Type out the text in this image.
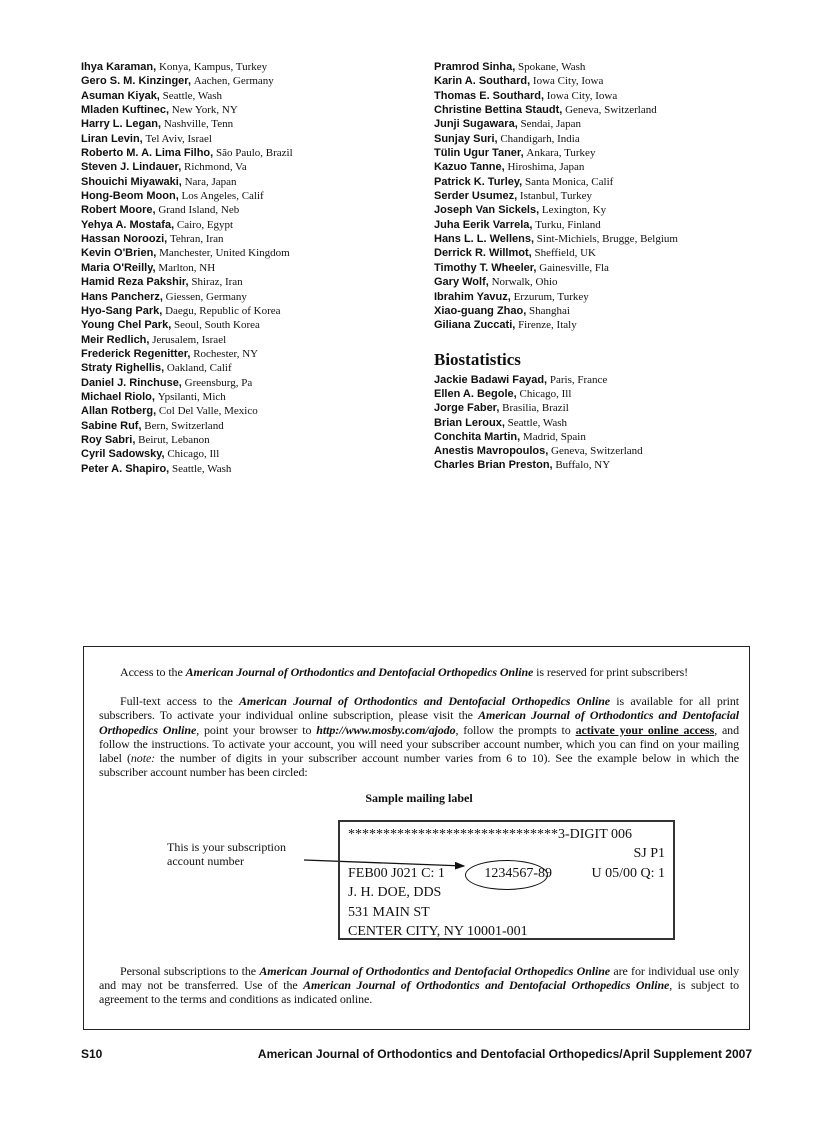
Ihya Karaman, Konya, Kampus, Turkey
Gero S. M. Kinzinger, Aachen, Germany
Asuman Kiyak, Seattle, Wash
Mladen Kuftinec, New York, NY
Harry L. Legan, Nashville, Tenn
Liran Levin, Tel Aviv, Israel
Roberto M. A. Lima Filho, São Paulo, Brazil
Steven J. Lindauer, Richmond, Va
Shouichi Miyawaki, Nara, Japan
Hong-Beom Moon, Los Angeles, Calif
Robert Moore, Grand Island, Neb
Yehya A. Mostafa, Cairo, Egypt
Hassan Noroozi, Tehran, Iran
Kevin O'Brien, Manchester, United Kingdom
Maria O'Reilly, Marlton, NH
Hamid Reza Pakshir, Shiraz, Iran
Hans Pancherz, Giessen, Germany
Hyo-Sang Park, Daegu, Republic of Korea
Young Chel Park, Seoul, South Korea
Meir Redlich, Jerusalem, Israel
Frederick Regenitter, Rochester, NY
Straty Righellis, Oakland, Calif
Daniel J. Rinchuse, Greensburg, Pa
Michael Riolo, Ypsilanti, Mich
Allan Rotberg, Col Del Valle, Mexico
Sabine Ruf, Bern, Switzerland
Roy Sabri, Beirut, Lebanon
Cyril Sadowsky, Chicago, Ill
Peter A. Shapiro, Seattle, Wash
Pramrod Sinha, Spokane, Wash
Karin A. Southard, Iowa City, Iowa
Thomas E. Southard, Iowa City, Iowa
Christine Bettina Staudt, Geneva, Switzerland
Junji Sugawara, Sendai, Japan
Sunjay Suri, Chandigarh, India
Tülin Ugur Taner, Ankara, Turkey
Kazuo Tanne, Hiroshima, Japan
Patrick K. Turley, Santa Monica, Calif
Serder Usumez, Istanbul, Turkey
Joseph Van Sickels, Lexington, Ky
Juha Eerik Varrela, Turku, Finland
Hans L. L. Wellens, Sint-Michiels, Brugge, Belgium
Derrick R. Willmot, Sheffield, UK
Timothy T. Wheeler, Gainesville, Fla
Gary Wolf, Norwalk, Ohio
Ibrahim Yavuz, Erzurum, Turkey
Xiao-guang Zhao, Shanghai
Giliana Zuccati, Firenze, Italy
Biostatistics
Jackie Badawi Fayad, Paris, France
Ellen A. Begole, Chicago, Ill
Jorge Faber, Brasilia, Brazil
Brian Leroux, Seattle, Wash
Conchita Martin, Madrid, Spain
Anestis Mavropoulos, Geneva, Switzerland
Charles Brian Preston, Buffalo, NY
Access to the American Journal of Orthodontics and Dentofacial Orthopedics Online is reserved for print subscribers!
Full-text access to the American Journal of Orthodontics and Dentofacial Orthopedics Online is available for all print subscribers. To activate your individual online subscription, please visit the American Journal of Orthodontics and Dentofacial Orthopedics Online, point your browser to http://www.mosby.com/ajodo, follow the prompts to activate your online access, and follow the instructions. To activate your account, you will need your subscriber account number, which you can find on your mailing label (note: the number of digits in your subscriber account number varies from 6 to 10). See the example below in which the subscriber account number has been circled:
Sample mailing label
This is your subscription
account number
******************************3-DIGIT 006
SJ P1
FEB00 J021 C: 1	1234567-89	U 05/00 Q: 1
J. H. DOE, DDS
531 MAIN ST
CENTER CITY, NY 10001-001
Personal subscriptions to the American Journal of Orthodontics and Dentofacial Orthopedics Online are for individual use only and may not be transferred. Use of the American Journal of Orthodontics and Dentofacial Orthopedics Online, is subject to agreement to the terms and conditions as indicated online.
S10	American Journal of Orthodontics and Dentofacial Orthopedics/April Supplement 2007
